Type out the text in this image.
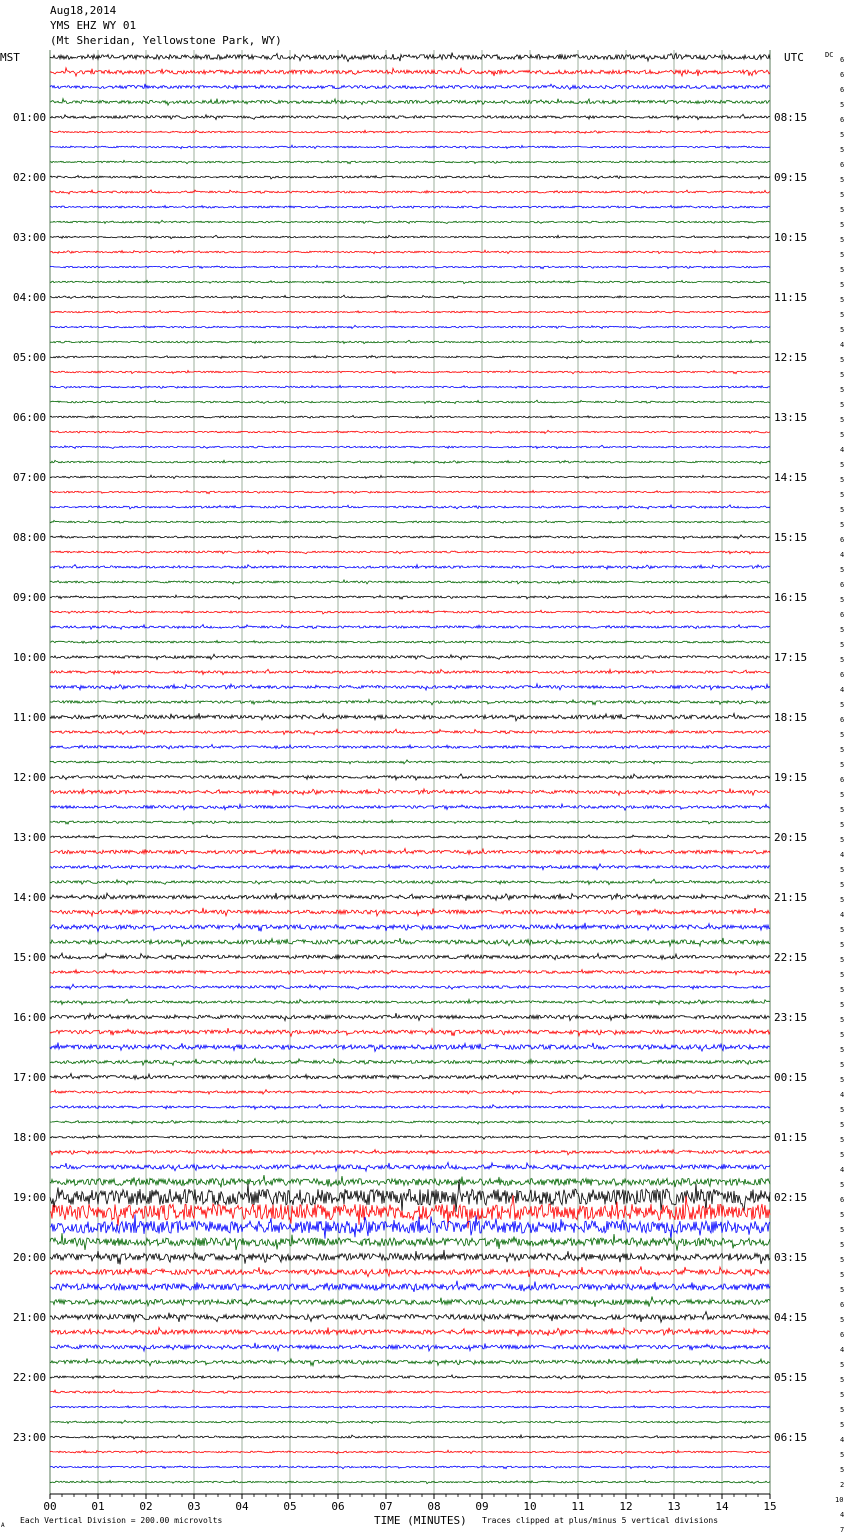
Aug18,2014
YMS EHZ WY 01
(Mt Sheridan, Yellowstone Park, WY)
MST	UTC	DC
01:00
02:00
03:00
04:00
05:00
06:00
07:00
08:00
09:00
10:00
11:00
12:00
13:00
14:00
15:00
16:00
17:00
18:00
19:00
20:00
21:00
22:00
23:00
08:15
09:15
10:15
11:15
12:15
13:15
14:15
15:15
16:15
17:15
18:15
19:15
20:15
21:15
22:15
23:15
00:15
01:15
02:15
03:15
04:15
05:15
06:15
6
6
6
5
6
5
5
6
5
5
5
5
5
5
5
5
5
5
5
4
5
5
5
5
5
5
4
5
5
5
5
5
6
4
5
6
5
6
5
5
5
6
4
5
6
5
5
5
6
5
5
5
5
4
5
5
5
4
5
5
5
5
5
5
5
5
5
5
5
4
5
5
5
5
4
5
6
5
5
5
5
5
5
6
5
6
4
5
5
5
5
5
4
5
5
2
10
4
7
00	01	02	03	04	05	06	07	08	09	10	11	12	13	14	15
Each Vertical Division = 200.00 microvolts	TIME (MINUTES) Traces clipped at plus/minus 5 vertical divisions
A
